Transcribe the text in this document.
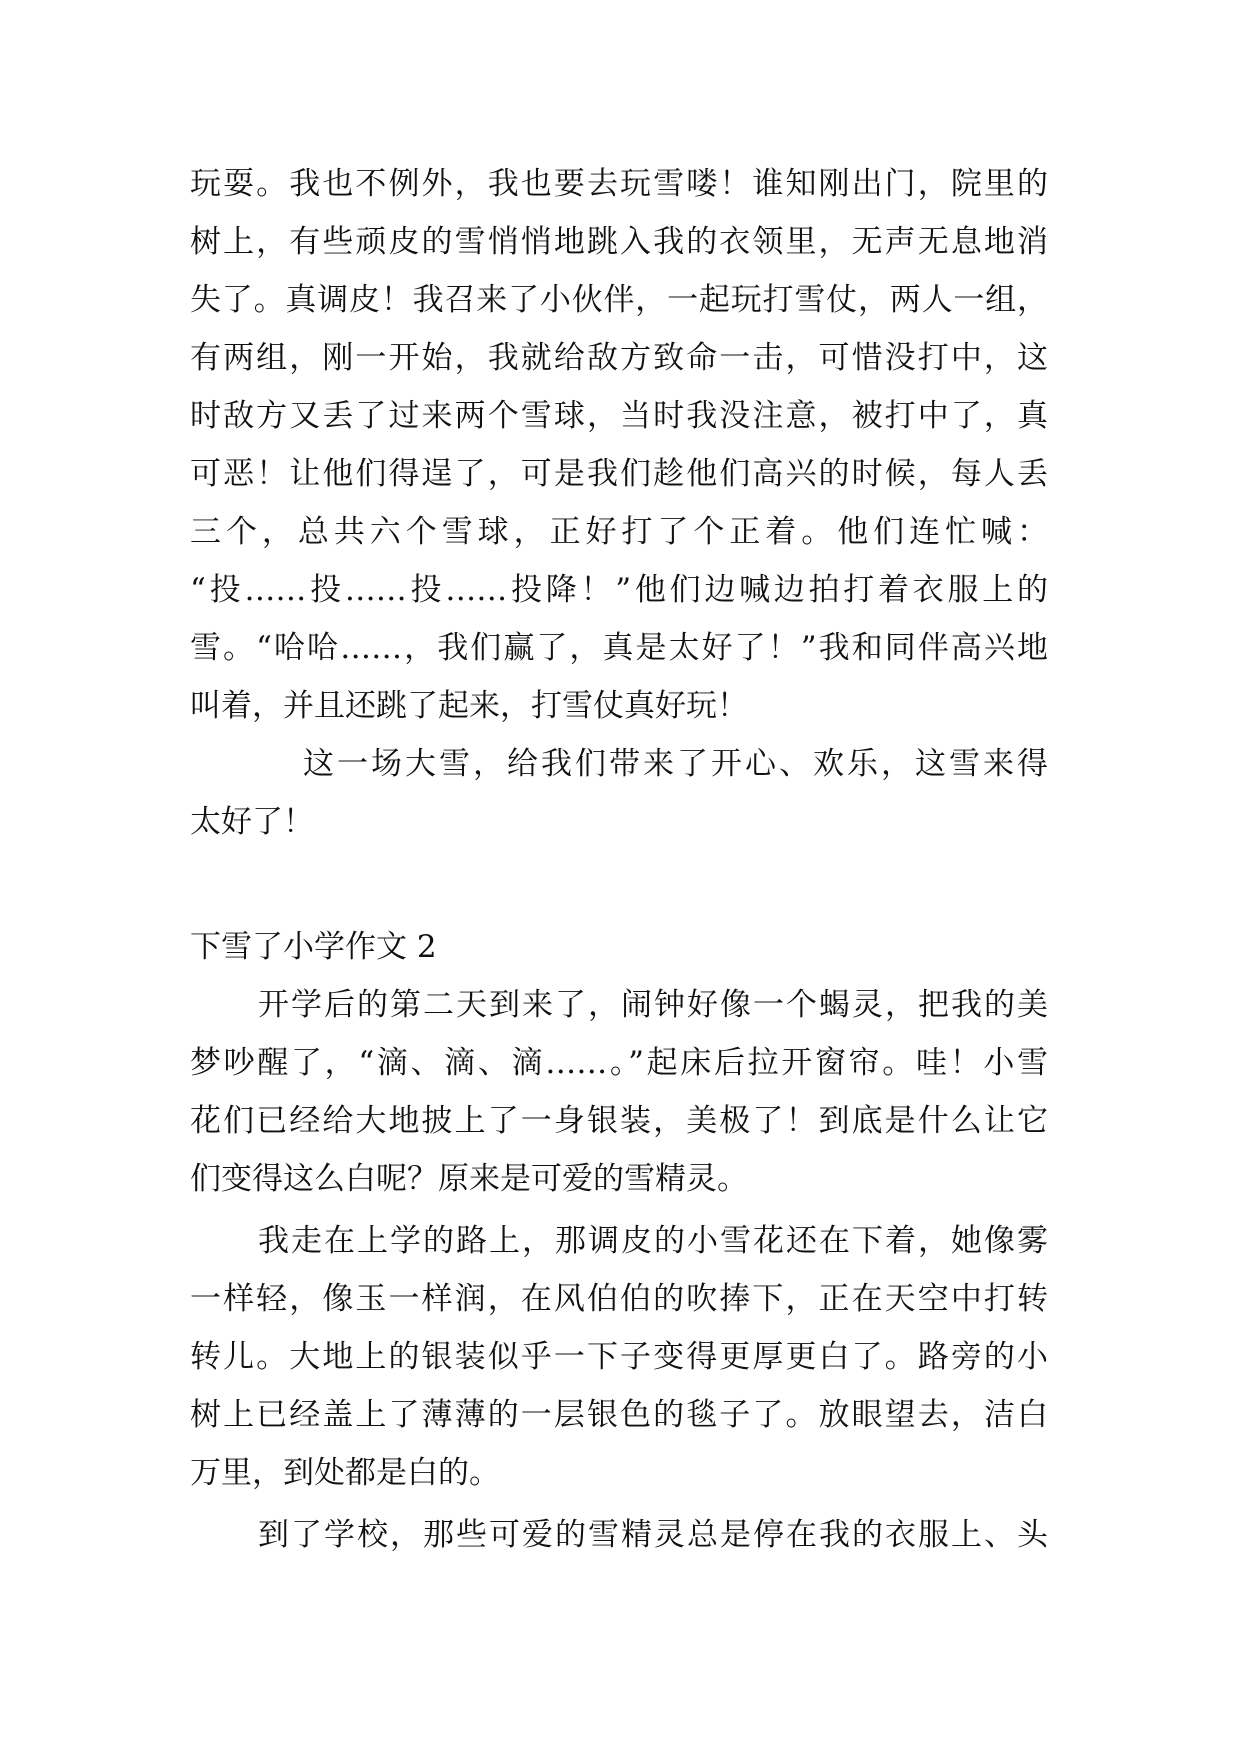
玩耍。我也不例外，我也要去玩雪喽！谁知刚出门，院里的
树上，有些顽皮的雪悄悄地跳入我的衣领里，无声无息地消
失了。真调皮！我召来了小伙伴，一起玩打雪仗，两人一组，
有两组，刚一开始，我就给敌方致命一击，可惜没打中，这
时敌方又丢了过来两个雪球，当时我没注意，被打中了，真
可恶！让他们得逞了，可是我们趁他们高兴的时候，每人丢
三个，总共六个雪球，正好打了个正着。他们连忙喊：
“投……投……投……投降！”他们边喊边拍打着衣服上的
雪。“哈哈……，我们赢了，真是太好了！”我和同伴高兴地
叫着，并且还跳了起来，打雪仗真好玩！
这一场大雪，给我们带来了开心、欢乐，这雪来得
太好了！
下雪了小学作文 2
开学后的第二天到来了，闹钟好像一个蝎灵，把我的美
梦吵醒了，“滴、滴、滴……。”起床后拉开窗帘。哇！小雪
花们已经给大地披上了一身银装，美极了！到底是什么让它
们变得这么白呢？原来是可爱的雪精灵。
我走在上学的路上，那调皮的小雪花还在下着，她像雾
一样轻，像玉一样润，在风伯伯的吹捧下，正在天空中打转
转儿。大地上的银装似乎一下子变得更厚更白了。路旁的小
树上已经盖上了薄薄的一层银色的毯子了。放眼望去，洁白
万里，到处都是白的。
到了学校，那些可爱的雪精灵总是停在我的衣服上、头
